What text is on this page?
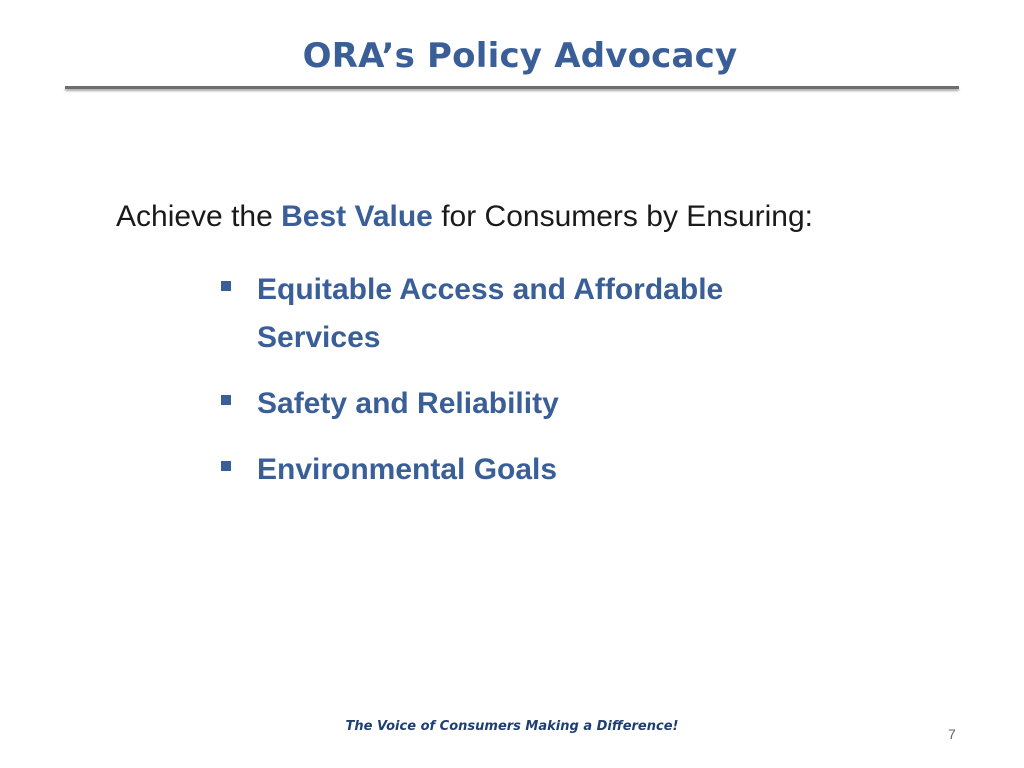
ORA’s Policy Advocacy
Achieve the Best Value for Consumers by Ensuring:
Equitable Access and Affordable Services
Safety and Reliability
Environmental Goals
The Voice of Consumers Making a Difference!	7
